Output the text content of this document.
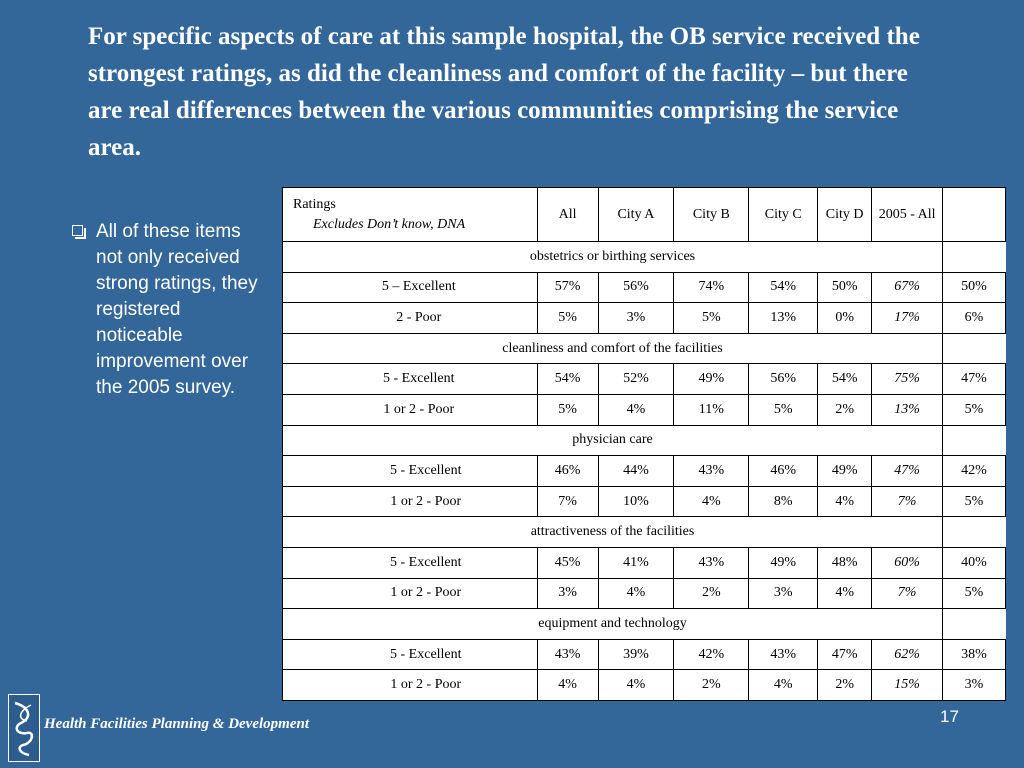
For specific aspects of care at this sample hospital, the OB service received the strongest ratings, as did the cleanliness and comfort of the facility – but there are real differences between the various communities comprising the service area.
All of these items not only received strong ratings, they registered noticeable improvement over the 2005 survey.
Ratings
Excludes Don’t know, DNA	All	City A	City B	City C	City D	2005 - All	
obstetrics or birthing services							
5 – Excellent	57%	56%	74%	54%	50%	67%	50%
2 - Poor	5%	3%	5%	13%	0%	17%	6%
cleanliness and comfort of the facilities							
5 - Excellent	54%	52%	49%	56%	54%	75%	47%
1 or 2 - Poor	5%	4%	11%	5%	2%	13%	5%
physician care							
5 - Excellent	46%	44%	43%	46%	49%	47%	42%
1 or 2 - Poor	7%	10%	4%	8%	4%	7%	5%
attractiveness of the facilities							
5 - Excellent	45%	41%	43%	49%	48%	60%	40%
1 or 2 - Poor	3%	4%	2%	3%	4%	7%	5%
equipment and technology							
5 - Excellent	43%	39%	42%	43%	47%	62%	38%
1 or 2 - Poor	4%	4%	2%	4%	2%	15%	3%
Health Facilities Planning & Development	17
